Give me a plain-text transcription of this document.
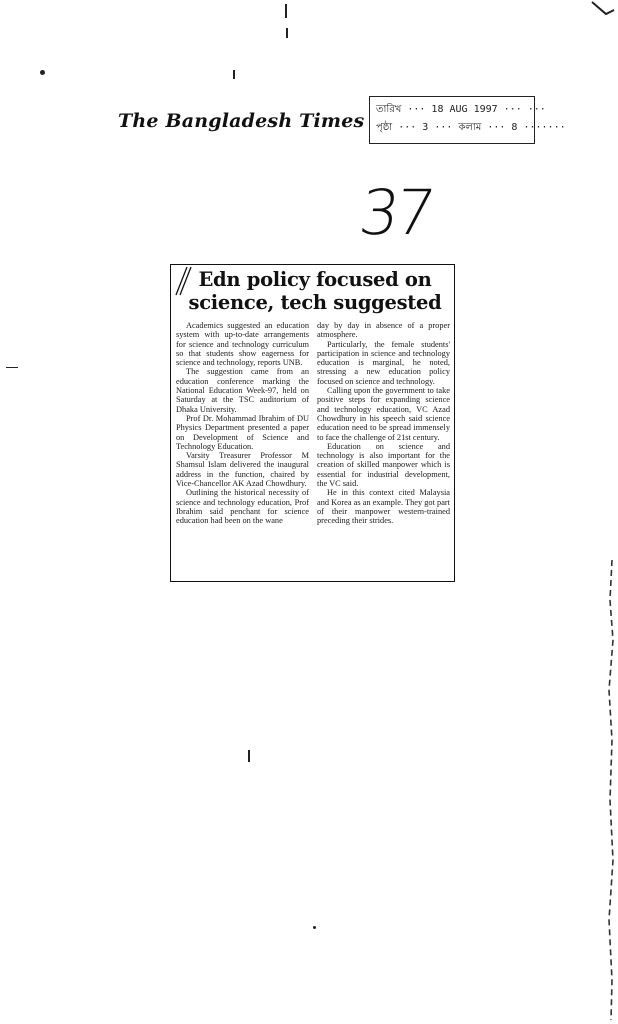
The Bangladesh Times
তারিখ ··· 18 AUG 1997 ··· ···
পৃষ্ঠা ··· 3 ··· কলাম ··· 8 ·······
37
Edn policy focused on science, tech suggested

Academics suggested an education system with up-to-date arrangements for science and technology curriculum so that students show eagerness for science and technology, reports UNB.

The suggestion came from an education conference marking the National Education Week-97, held on Saturday at the TSC auditorium of Dhaka University.

Prof Dr. Mohammad Ibrahim of DU Physics Department presented a paper on Development of Science and Technology Education.

Varsity Treasurer Professor M Shamsul Islam delivered the inaugural address in the function, chaired by Vice-Chancellor AK Azad Chowdhury.

Outlining the historical necessity of science and technology education, Prof Ibrahim said penchant for science education had been on the wane

day by day in absence of a proper atmosphere.

Particularly, the female students' participation in science and technology education is marginal, he noted, stressing a new education policy focused on science and technology.

Calling upon the government to take positive steps for expanding science and technology education, VC Azad Chowdhury in his speech said science education need to be spread immensely to face the challenge of 21st century.

Education on science and technology is also important for the creation of skilled manpower which is essential for industrial development, the VC said.

He in this context cited Malaysia and Korea as an example. They got part of their manpower western-trained preceding their strides.
